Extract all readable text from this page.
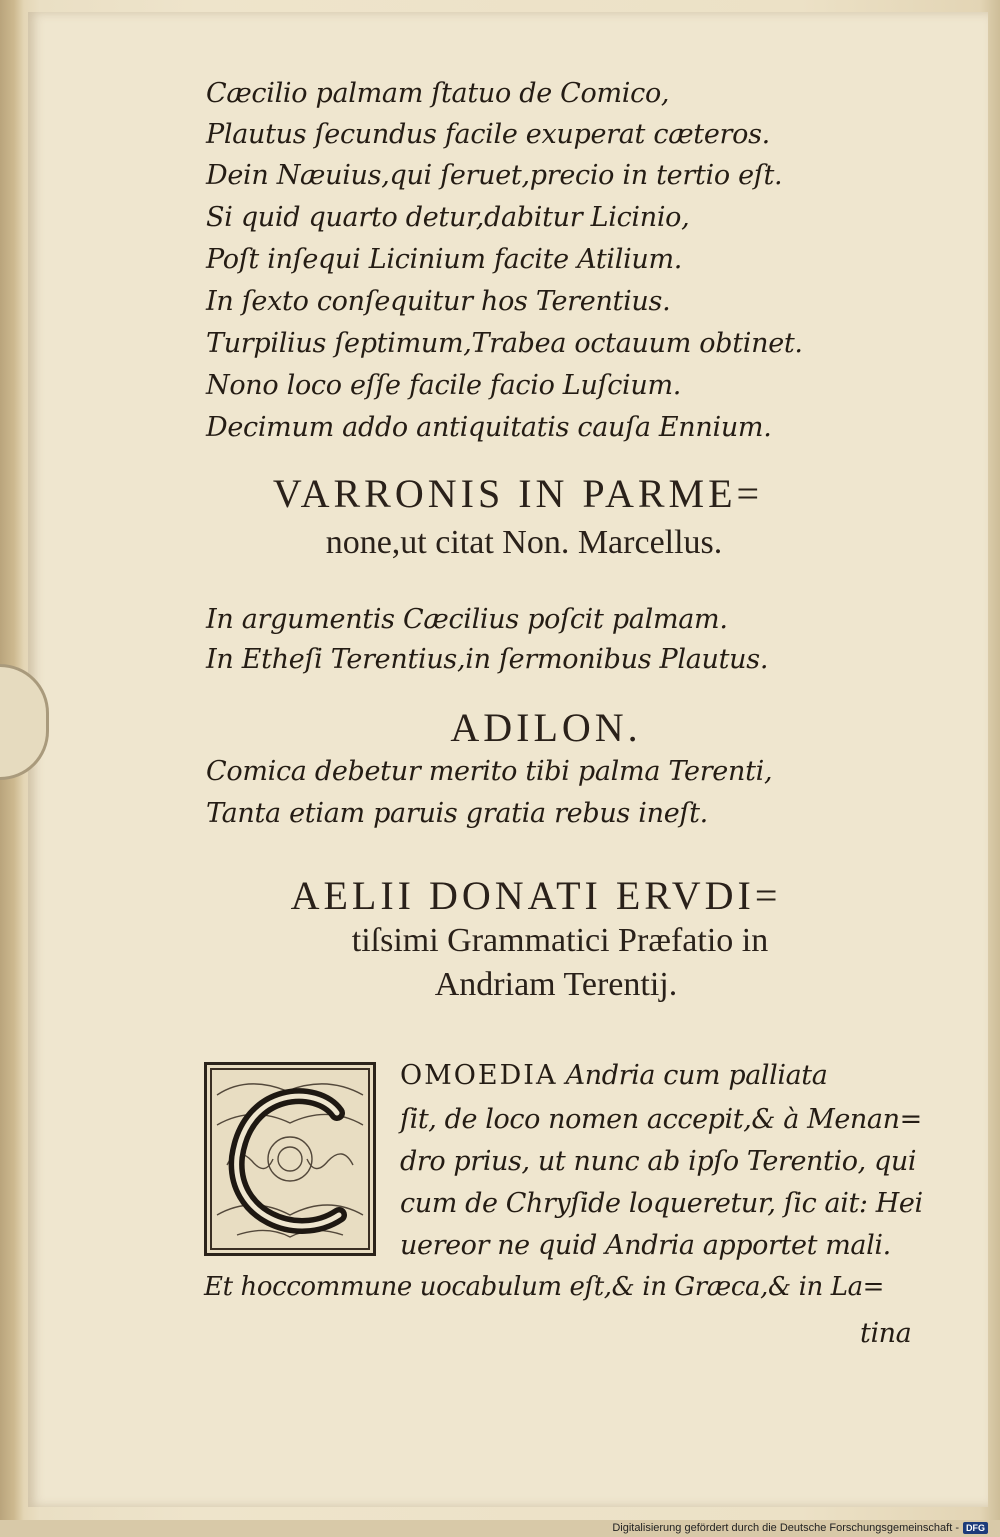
Cæcilio palmam ſtatuo de Comico,

Plautus ſecundus facile exuperat cæteros.

Dein Næuius,qui ſeruet,precio in tertio eſt.

Si quid quarto detur,dabitur Licinio,

Poſt inſequi Licinium facite Atilium.

In ſexto conſequitur hos Terentius.

Turpilius ſeptimum,Trabea octauum obtinet.

Nono loco eſſe facile facio Luſcium.

Decimum addo antiquitatis cauſa Ennium.

VARRONIS IN PARME=

none,ut citat Non. Marcellus.

In argumentis Cæcilius poſcit palmam.

In Etheſi Terentius,in ſermonibus Plautus.

ADILON.

Comica debetur merito tibi palma Terenti,

Tanta etiam paruis gratia rebus ineſt.

AELII DONATI ERVDI=

tiſsimi Grammatici Præfatio in

Andriam Terentij.

OMOEDIA Andria cum palliata

ſit, de loco nomen accepit,& à Menan=

dro prius, ut nunc ab ipſo Terentio, qui

cum de Chryſide loqueretur, ſic ait: Hei

uereor ne quid Andria apportet mali.

Et hoccommune uocabulum eſt,& in Græca,& in La=

tina

Digitalisierung gefördert durch die Deutsche Forschungsgemeinschaft - DFG
